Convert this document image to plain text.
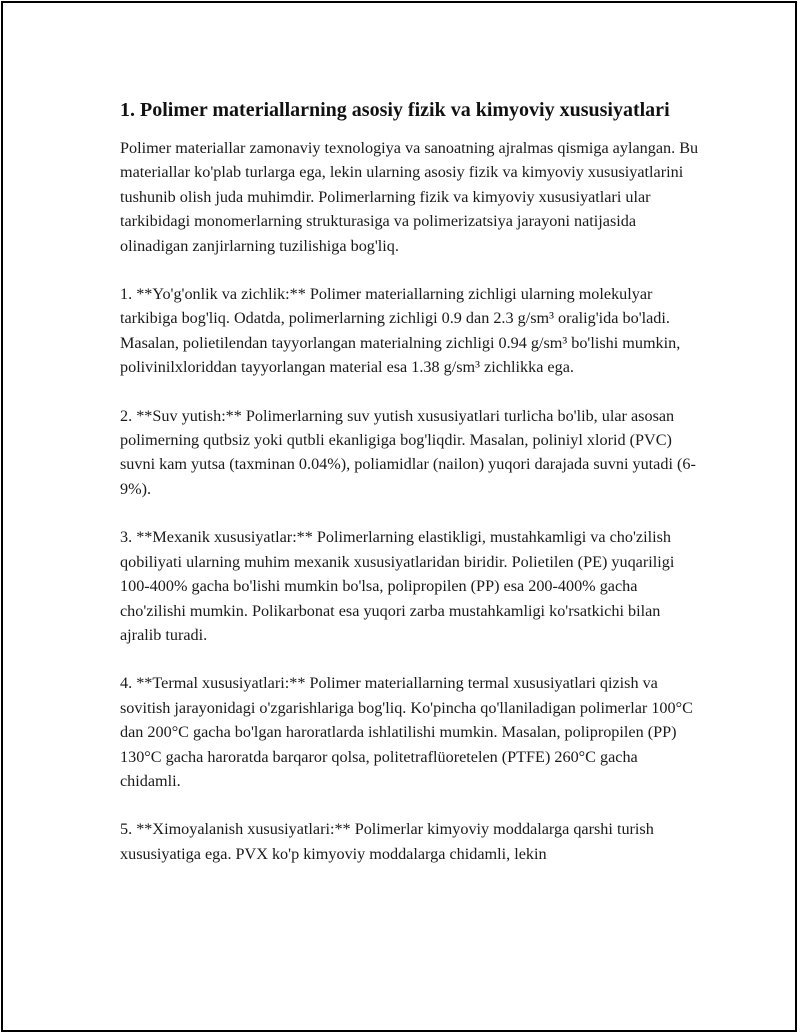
1. Polimer materiallarning asosiy fizik va kimyoviy xususiyatlari

Polimer materiallar zamonaviy texnologiya va sanoatning ajralmas qismiga aylangan. Bu materiallar ko'plab turlarga ega, lekin ularning asosiy fizik va kimyoviy xususiyatlarini tushunib olish juda muhimdir. Polimerlarning fizik va kimyoviy xususiyatlari ular tarkibidagi monomerlarning strukturasiga va polimerizatsiya jarayoni natijasida olinadigan zanjirlarning tuzilishiga bog'liq.

1. **Yo'g'onlik va zichlik:** Polimer materiallarning zichligi ularning molekulyar tarkibiga bog'liq. Odatda, polimerlarning zichligi 0.9 dan 2.3 g/sm³ oralig'ida bo'ladi. Masalan, polietilendan tayyorlangan materialning zichligi 0.94 g/sm³ bo'lishi mumkin, polivinilxloriddan tayyorlangan material esa 1.38 g/sm³ zichlikka ega.

2. **Suv yutish:** Polimerlarning suv yutish xususiyatlari turlicha bo'lib, ular asosan polimerning qutbsiz yoki qutbli ekanligiga bog'liqdir. Masalan, poliniyl xlorid (PVC) suvni kam yutsa (taxminan 0.04%), poliamidlar (nailon) yuqori darajada suvni yutadi (6-9%).

3. **Mexanik xususiyatlar:** Polimerlarning elastikligi, mustahkamligi va cho'zilish qobiliyati ularning muhim mexanik xususiyatlaridan biridir. Polietilen (PE) yuqariligi 100-400% gacha bo'lishi mumkin bo'lsa, polipropilen (PP) esa 200-400% gacha cho'zilishi mumkin. Polikarbonat esa yuqori zarba mustahkamligi ko'rsatkichi bilan ajralib turadi.

4. **Termal xususiyatlari:** Polimer materiallarning termal xususiyatlari qizish va sovitish jarayonidagi o'zgarishlariga bog'liq. Ko'pincha qo'llaniladigan polimerlar 100°C dan 200°C gacha bo'lgan haroratlarda ishlatilishi mumkin. Masalan, polipropilen (PP) 130°C gacha haroratda barqaror qolsa, politetraflüoretelen (PTFE) 260°C gacha chidamli.

5. **Ximoyalanish xususiyatlari:** Polimerlar kimyoviy moddalarga qarshi turish xususiyatiga ega. PVX ko'p kimyoviy moddalarga chidamli, lekin
